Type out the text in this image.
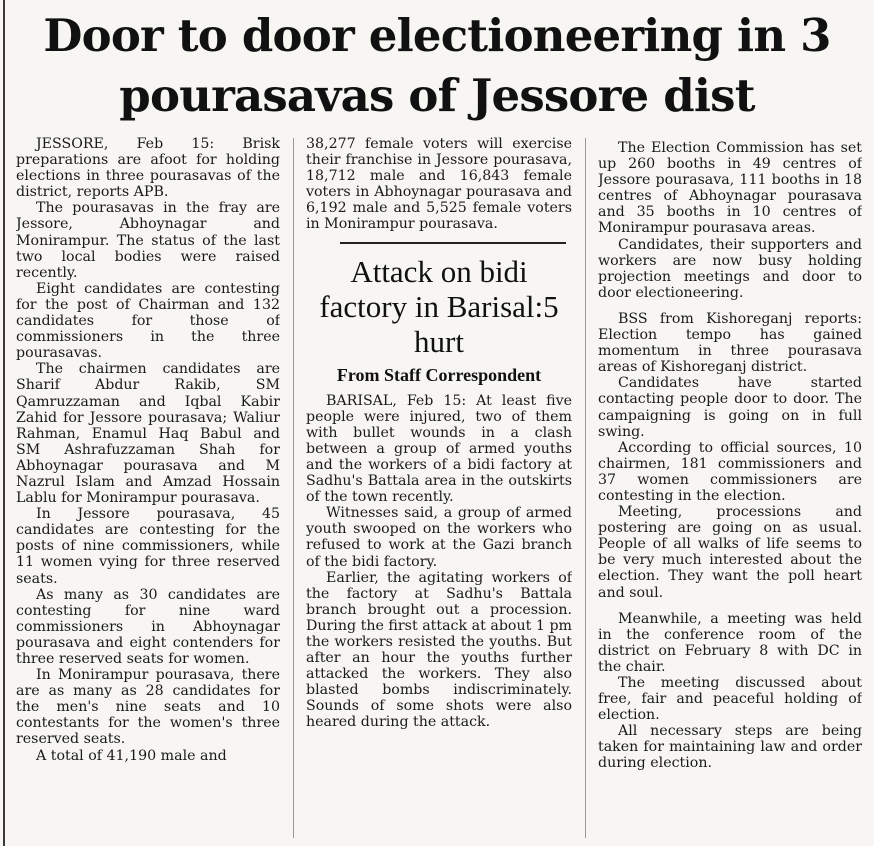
Door to door electioneering in 3 pourasavas of Jessore dist

JESSORE, Feb 15: Brisk preparations are afoot for holding elections in three pourasavas of the district, reports APB.

The pourasavas in the fray are Jessore, Abhoynagar and Monirampur. The status of the last two local bodies were raised recently.

Eight candidates are contesting for the post of Chairman and 132 candidates for those of commissioners in the three pourasavas.

The chairmen candidates are Sharif Abdur Rakib, SM Qamruzzaman and Iqbal Kabir Zahid for Jessore pourasava; Waliur Rahman, Enamul Haq Babul and SM Ashrafuzzaman Shah for Abhoynagar pourasava and M Nazrul Islam and Amzad Hossain Lablu for Monirampur pourasava.

In Jessore pourasava, 45 candidates are contesting for the posts of nine commissioners, while 11 women vying for three reserved seats.

As many as 30 candidates are contesting for nine ward commissioners in Abhoynagar pourasava and eight contenders for three reserved seats for women.

In Monirampur pourasava, there are as many as 28 candidates for the men's nine seats and 10 contestants for the women's three reserved seats.

A total of 41,190 male and

38,277 female voters will exercise their franchise in Jessore pourasava, 18,712 male and 16,843 female voters in Abhoynagar pourasava and 6,192 male and 5,525 female voters in Monirampur pourasava.

Attack on bidi factory in Barisal:5 hurt
From Staff Correspondent

BARISAL, Feb 15: At least five people were injured, two of them with bullet wounds in a clash between a group of armed youths and the workers of a bidi factory at Sadhu's Battala area in the outskirts of the town recently.

Witnesses said, a group of armed youth swooped on the workers who refused to work at the Gazi branch of the bidi factory.

Earlier, the agitating workers of the factory at Sadhu's Battala branch brought out a procession. During the first attack at about 1 pm the workers resisted the youths. But after an hour the youths further attacked the workers. They also blasted bombs indiscriminately. Sounds of some shots were also heared during the attack.

The Election Commission has set up 260 booths in 49 centres of Jessore pourasava, 111 booths in 18 centres of Abhoynagar pourasava and 35 booths in 10 centres of Monirampur pourasava areas.

Candidates, their supporters and workers are now busy holding projection meetings and door to door electioneering.

BSS from Kishoreganj reports: Election tempo has gained momentum in three pourasava areas of Kishoreganj district.

Candidates have started contacting people door to door. The campaigning is going on in full swing.

According to official sources, 10 chairmen, 181 commissioners and 37 women commissioners are contesting in the election.

Meeting, processions and postering are going on as usual. People of all walks of life seems to be very much interested about the election. They want the poll heart and soul.

Meanwhile, a meeting was held in the conference room of the district on February 8 with DC in the chair.

The meeting discussed about free, fair and peaceful holding of election.

All necessary steps are being taken for maintaining law and order during election.
